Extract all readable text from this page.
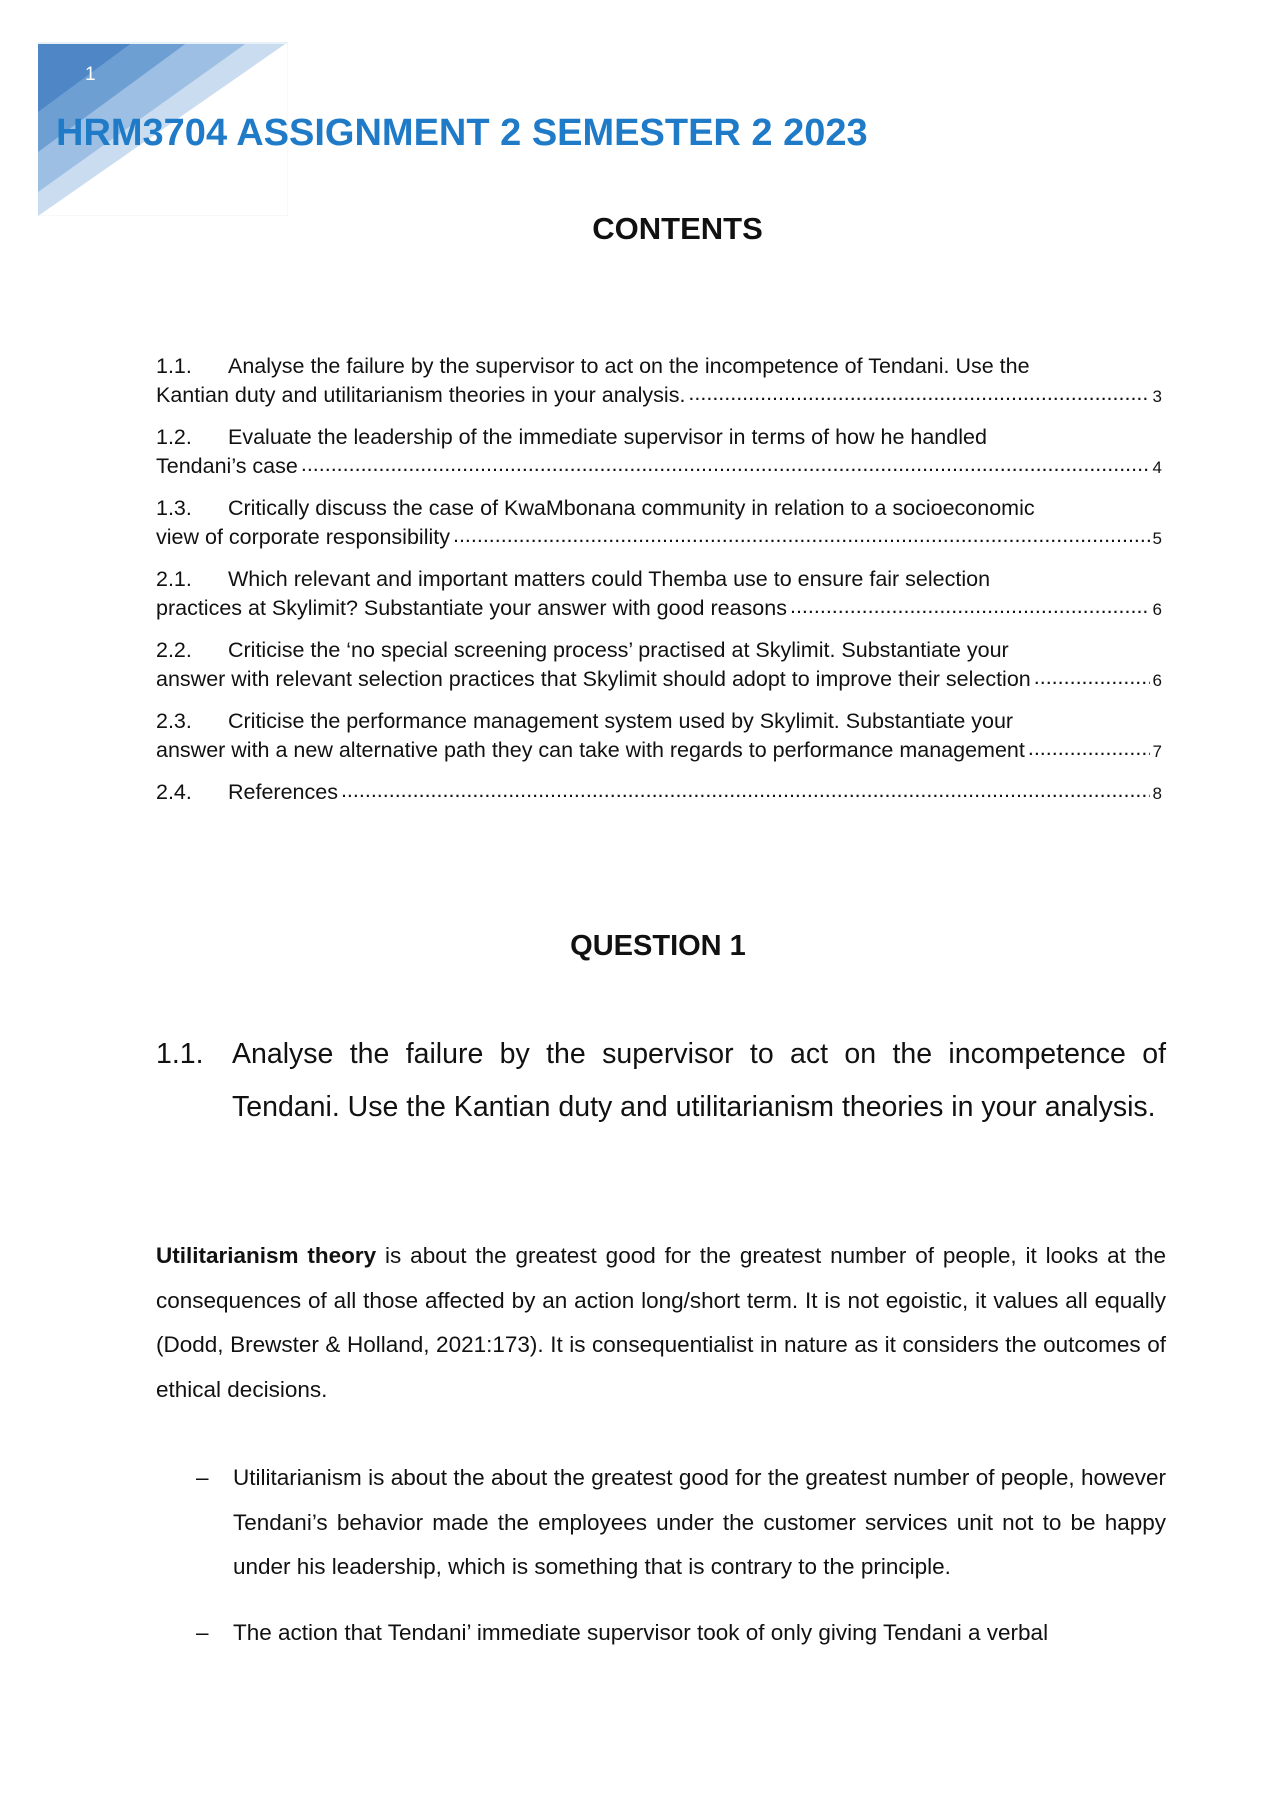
1
HRM3704 ASSIGNMENT 2 SEMESTER 2 2023
CONTENTS
1.1.	Analyse the failure by the supervisor to act on the incompetence of Tendani. Use the
Kantian duty and utilitarianism theories in your analysis. .....	3
1.2.	Evaluate the leadership of the immediate supervisor in terms of how he handled
Tendani’s case .....	4
1.3.	Critically discuss the case of KwaMbonana community in relation to a socioeconomic
view of corporate responsibility .....	5
2.1.	Which relevant and important matters could Themba use to ensure fair selection
practices at Skylimit? Substantiate your answer with good reasons .....	6
2.2.	Criticise the ‘no special screening process’ practised at Skylimit. Substantiate your
answer with relevant selection practices that Skylimit should adopt to improve their selection .....	6
2.3.	Criticise the performance management system used by Skylimit. Substantiate your
answer with a new alternative path they can take with regards to performance management .....	7
2.4.	References .....	8
QUESTION 1
1.1. Analyse the failure by the supervisor to act on the incompetence of Tendani. Use the Kantian duty and utilitarianism theories in your analysis.

Utilitarianism theory is about the greatest good for the greatest number of people, it looks at the consequences of all those affected by an action long/short term. It is not egoistic, it values all equally (Dodd, Brewster & Holland, 2021:173). It is consequentialist in nature as it considers the outcomes of ethical decisions.

–	Utilitarianism is about the about the greatest good for the greatest number of people, however Tendani’s behavior made the employees under the customer services unit not to be happy under his leadership, which is something that is contrary to the principle.
–	The action that Tendani’ immediate supervisor took of only giving Tendani a verbal
